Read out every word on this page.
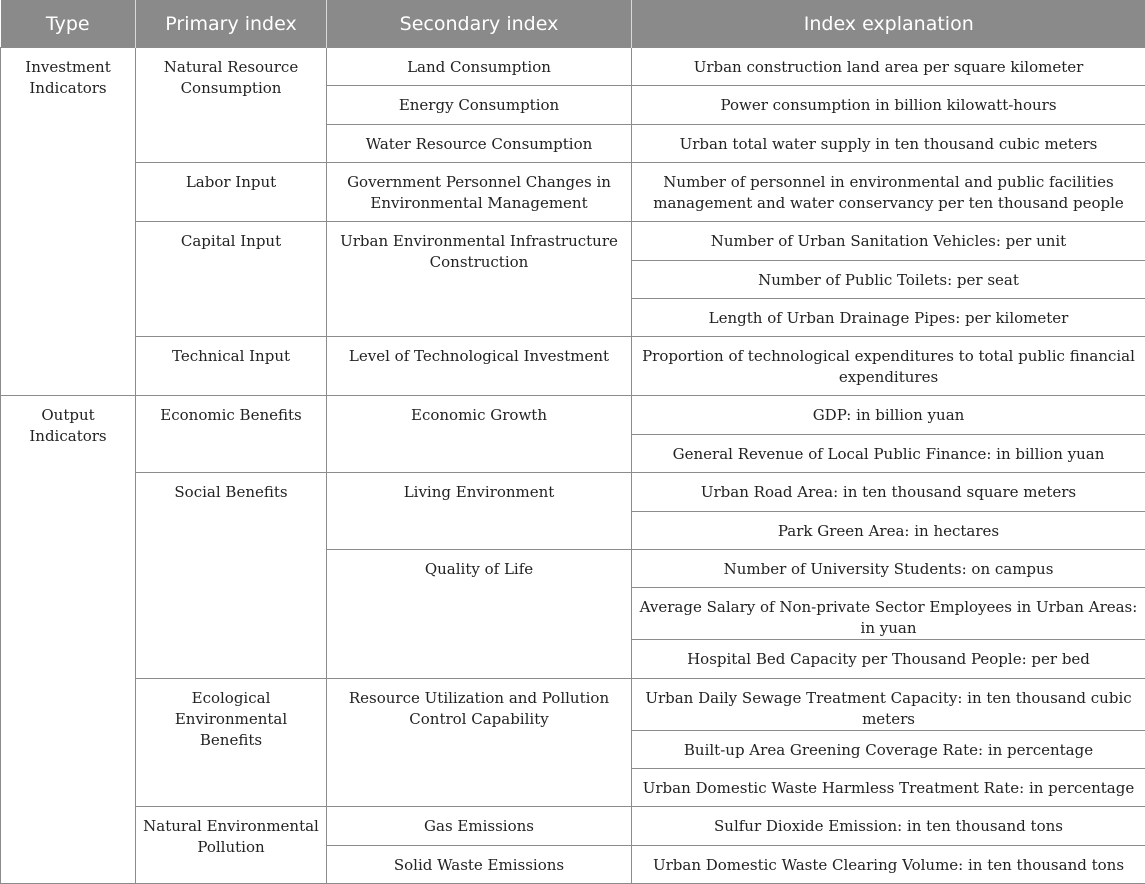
Type	Primary index	Secondary index	Index explanation
Investment Indicators	Natural Resource Consumption	Land Consumption	Urban construction land area per square kilometer
		Energy Consumption	Power consumption in billion kilowatt-hours
		Water Resource Consumption	Urban total water supply in ten thousand cubic meters
	Labor Input	Government Personnel Changes in Environmental Management	Number of personnel in environmental and public facilities management and water conservancy per ten thousand people
	Capital Input	Urban Environmental Infrastructure Construction	Number of Urban Sanitation Vehicles: per unit
			Number of Public Toilets: per seat
			Length of Urban Drainage Pipes: per kilometer
	Technical Input	Level of Technological Investment	Proportion of technological expenditures to total public financial expenditures
Output Indicators	Economic Benefits	Economic Growth	GDP: in billion yuan
			General Revenue of Local Public Finance: in billion yuan
	Social Benefits	Living Environment	Urban Road Area: in ten thousand square meters
			Park Green Area: in hectares
		Quality of Life	Number of University Students: on campus
			Average Salary of Non-private Sector Employees in Urban Areas: in yuan
			Hospital Bed Capacity per Thousand People: per bed
	Ecological Environmental Benefits	Resource Utilization and Pollution Control Capability	Urban Daily Sewage Treatment Capacity: in ten thousand cubic meters
			Built-up Area Greening Coverage Rate: in percentage
			Urban Domestic Waste Harmless Treatment Rate: in percentage
	Natural Environmental Pollution	Gas Emissions	Sulfur Dioxide Emission: in ten thousand tons
		Solid Waste Emissions	Urban Domestic Waste Clearing Volume: in ten thousand tons
